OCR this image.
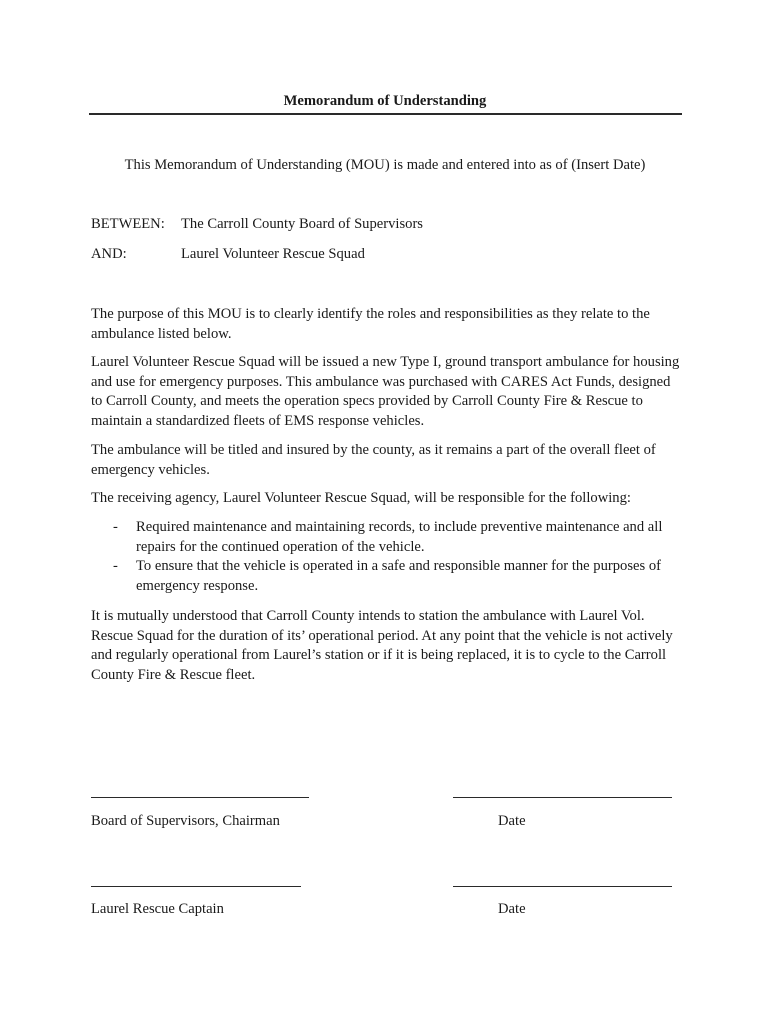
Memorandum of Understanding
This Memorandum of Understanding (MOU) is made and entered into as of (Insert Date)
BETWEEN:	The Carroll County Board of Supervisors
AND:	Laurel Volunteer Rescue Squad

The purpose of this MOU is to clearly identify the roles and responsibilities as they relate to the ambulance listed below.

Laurel Volunteer Rescue Squad will be issued a new Type I, ground transport ambulance for housing and use for emergency purposes. This ambulance was purchased with CARES Act Funds, designed to Carroll County, and meets the operation specs provided by Carroll County Fire & Rescue to maintain a standardized fleets of EMS response vehicles.

The ambulance will be titled and insured by the county, as it remains a part of the overall fleet of emergency vehicles.

The receiving agency, Laurel Volunteer Rescue Squad, will be responsible for the following:

-	Required maintenance and maintaining records, to include preventive maintenance and all repairs for the continued operation of the vehicle.
-	To ensure that the vehicle is operated in a safe and responsible manner for the purposes of emergency response.

It is mutually understood that Carroll County intends to station the ambulance with Laurel Vol. Rescue Squad for the duration of its’ operational period. At any point that the vehicle is not actively and regularly operational from Laurel’s station or if it is being replaced, it is to cycle to the Carroll County Fire & Rescue fleet.

Board of Supervisors, Chairman	Date
Laurel Rescue Captain	Date
